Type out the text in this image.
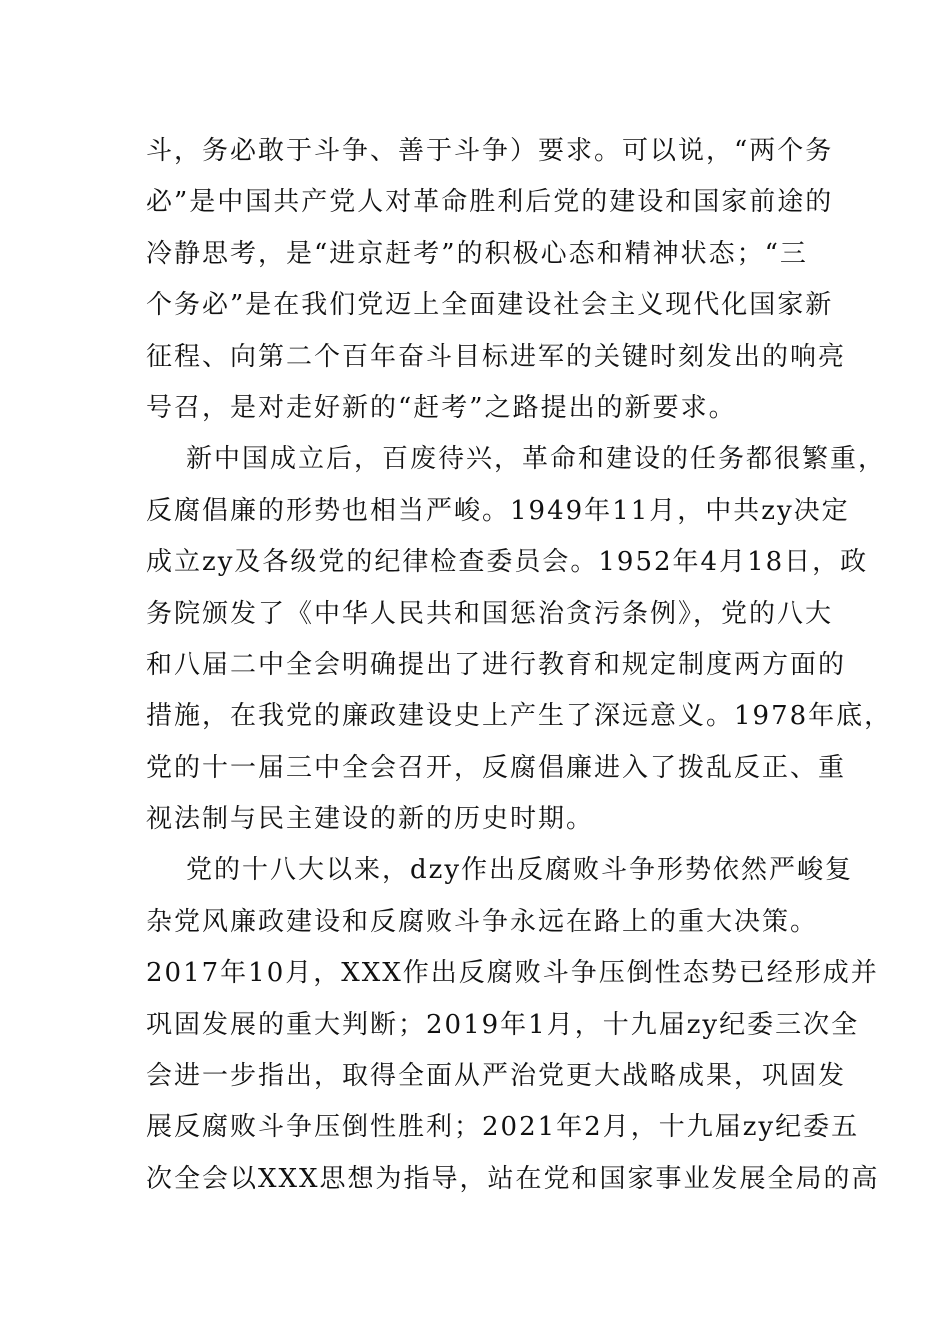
斗，务必敢于斗争、善于斗争）要求。可以说，“两个务
必”是中国共产党人对革命胜利后党的建设和国家前途的
冷静思考，是“进京赶考”的积极心态和精神状态；“三
个务必”是在我们党迈上全面建设社会主义现代化国家新
征程、向第二个百年奋斗目标进军的关键时刻发出的响亮
号召，是对走好新的“赶考”之路提出的新要求。
新中国成立后，百废待兴，革命和建设的任务都很繁重，
反腐倡廉的形势也相当严峻。1949年11月，中共zy决定
成立zy及各级党的纪律检查委员会。1952年4月18日，政
务院颁发了《中华人民共和国惩治贪污条例》，党的八大
和八届二中全会明确提出了进行教育和规定制度两方面的
措施，在我党的廉政建设史上产生了深远意义。1978年底，
党的十一届三中全会召开，反腐倡廉进入了拨乱反正、重
视法制与民主建设的新的历史时期。
党的十八大以来，dzy作出反腐败斗争形势依然严峻复
杂党风廉政建设和反腐败斗争永远在路上的重大决策。
2017年10月，XXX作出反腐败斗争压倒性态势已经形成并
巩固发展的重大判断；2019年1月，十九届zy纪委三次全
会进一步指出，取得全面从严治党更大战略成果，巩固发
展反腐败斗争压倒性胜利；2021年2月，十九届zy纪委五
次全会以XXX思想为指导，站在党和国家事业发展全局的高
